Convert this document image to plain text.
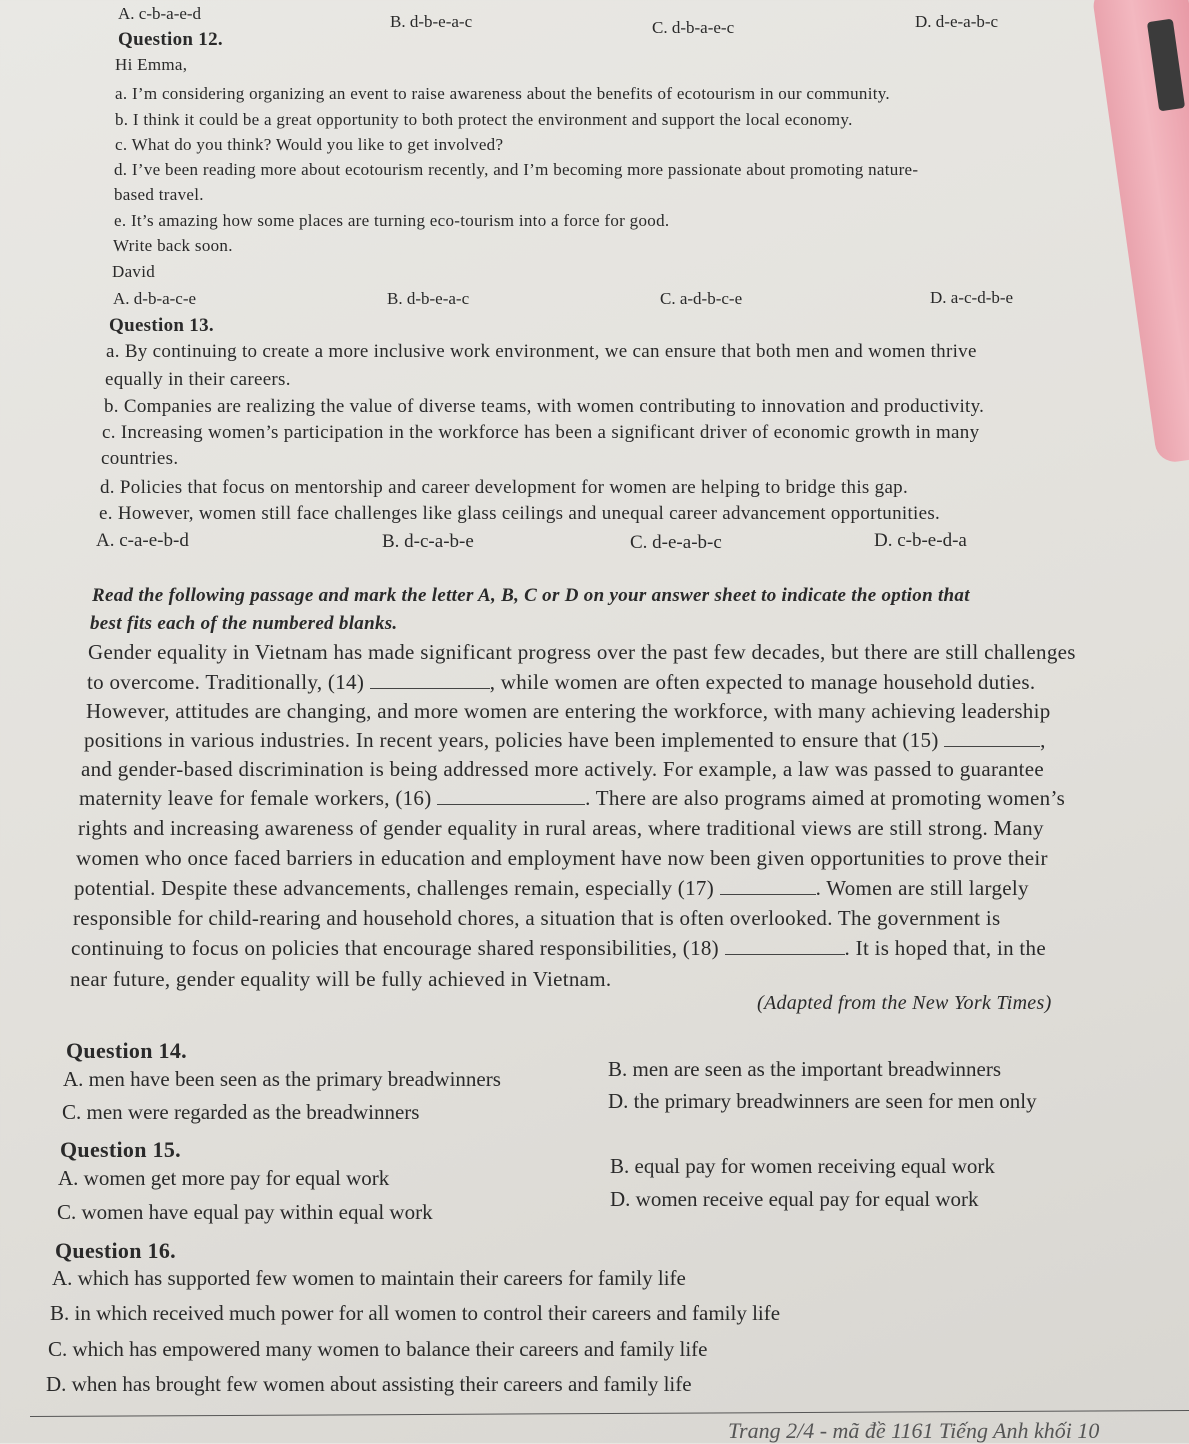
A. c-b-a-e-d	B. d-b-e-a-c	C. d-b-a-e-c	D. d-e-a-b-c
Question 12.
Hi Emma,
a. I’m considering organizing an event to raise awareness about the benefits of ecotourism in our community.
b. I think it could be a great opportunity to both protect the environment and support the local economy.
c. What do you think? Would you like to get involved?
d. I’ve been reading more about ecotourism recently, and I’m becoming more passionate about promoting nature-
based travel.
e. It’s amazing how some places are turning eco-tourism into a force for good.
Write back soon.
David
A. d-b-a-c-e	B. d-b-e-a-c	C. a-d-b-c-e	D. a-c-d-b-e
Question 13.
a. By continuing to create a more inclusive work environment, we can ensure that both men and women thrive
equally in their careers.
b. Companies are realizing the value of diverse teams, with women contributing to innovation and productivity.
c. Increasing women’s participation in the workforce has been a significant driver of economic growth in many
countries.
d. Policies that focus on mentorship and career development for women are helping to bridge this gap.
e. However, women still face challenges like glass ceilings and unequal career advancement opportunities.
A. c-a-e-b-d	B. d-c-a-b-e	C. d-e-a-b-c	D. c-b-e-d-a
Read the following passage and mark the letter A, B, C or D on your answer sheet to indicate the option that
best fits each of the numbered blanks.
Gender equality in Vietnam has made significant progress over the past few decades, but there are still challenges
to overcome. Traditionally, (14)	, while women are often expected to manage household duties.
However, attitudes are changing, and more women are entering the workforce, with many achieving leadership
positions in various industries. In recent years, policies have been implemented to ensure that (15)	,
and gender-based discrimination is being addressed more actively. For example, a law was passed to guarantee
maternity leave for female workers, (16)	. There are also programs aimed at promoting women’s
rights and increasing awareness of gender equality in rural areas, where traditional views are still strong. Many
women who once faced barriers in education and employment have now been given opportunities to prove their
potential. Despite these advancements, challenges remain, especially (17)	. Women are still largely
responsible for child-rearing and household chores, a situation that is often overlooked. The government is
continuing to focus on policies that encourage shared responsibilities, (18)	. It is hoped that, in the
near future, gender equality will be fully achieved in Vietnam.
(Adapted from the New York Times)
Question 14.
A. men have been seen as the primary breadwinners	B. men are seen as the important breadwinners
C. men were regarded as the breadwinners	D. the primary breadwinners are seen for men only
Question 15.
A. women get more pay for equal work	B. equal pay for women receiving equal work
C. women have equal pay within equal work
D. women receive equal pay for equal work
Question 16.
A. which has supported few women to maintain their careers for family life
B. in which received much power for all women to control their careers and family life
C. which has empowered many women to balance their careers and family life
D. when has brought few women about assisting their careers and family life
Trang 2/4 - mã đề 1161 Tiếng Anh khối 10
